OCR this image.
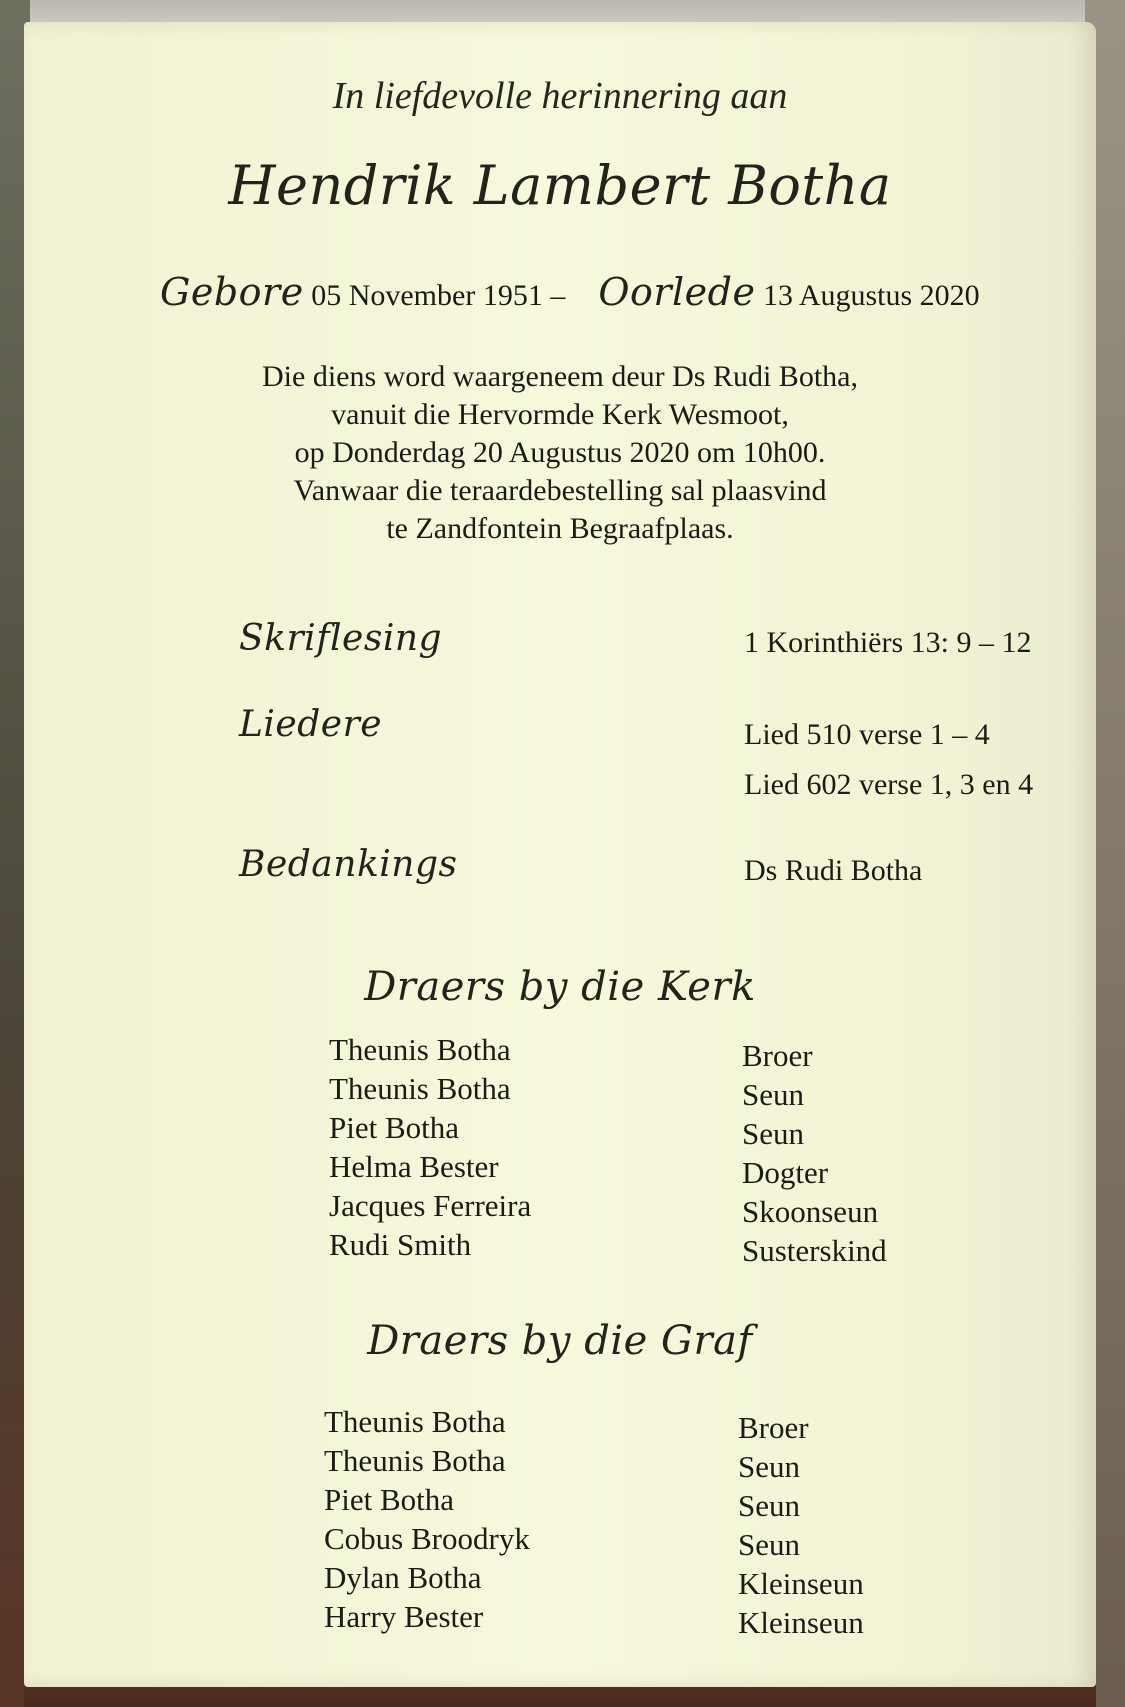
In liefdevolle herinnering aan
Hendrik Lambert Botha
Gebore 05 November 1951 – Oorlede 13 Augustus 2020
Die diens word waargeneem deur Ds Rudi Botha,
vanuit die Hervormde Kerk Wesmoot,
op Donderdag 20 Augustus 2020 om 10h00.
Vanwaar die teraardebestelling sal plaasvind
te Zandfontein Begraafplaas.
Skriflesing	1 Korinthiërs 13: 9 – 12
Liedere	Lied 510 verse 1 – 4
Lied 602 verse 1, 3 en 4
Bedankings	Ds Rudi Botha
Draers by die Kerk
Theunis Botha	Broer
Theunis Botha	Seun
Piet Botha	Seun
Helma Bester	Dogter
Jacques Ferreira	Skoonseun
Rudi Smith	Susterskind
Draers by die Graf
Theunis Botha	Broer
Theunis Botha	Seun
Piet Botha	Seun
Cobus Broodryk	Seun
Dylan Botha	Kleinseun
Harry Bester	Kleinseun
